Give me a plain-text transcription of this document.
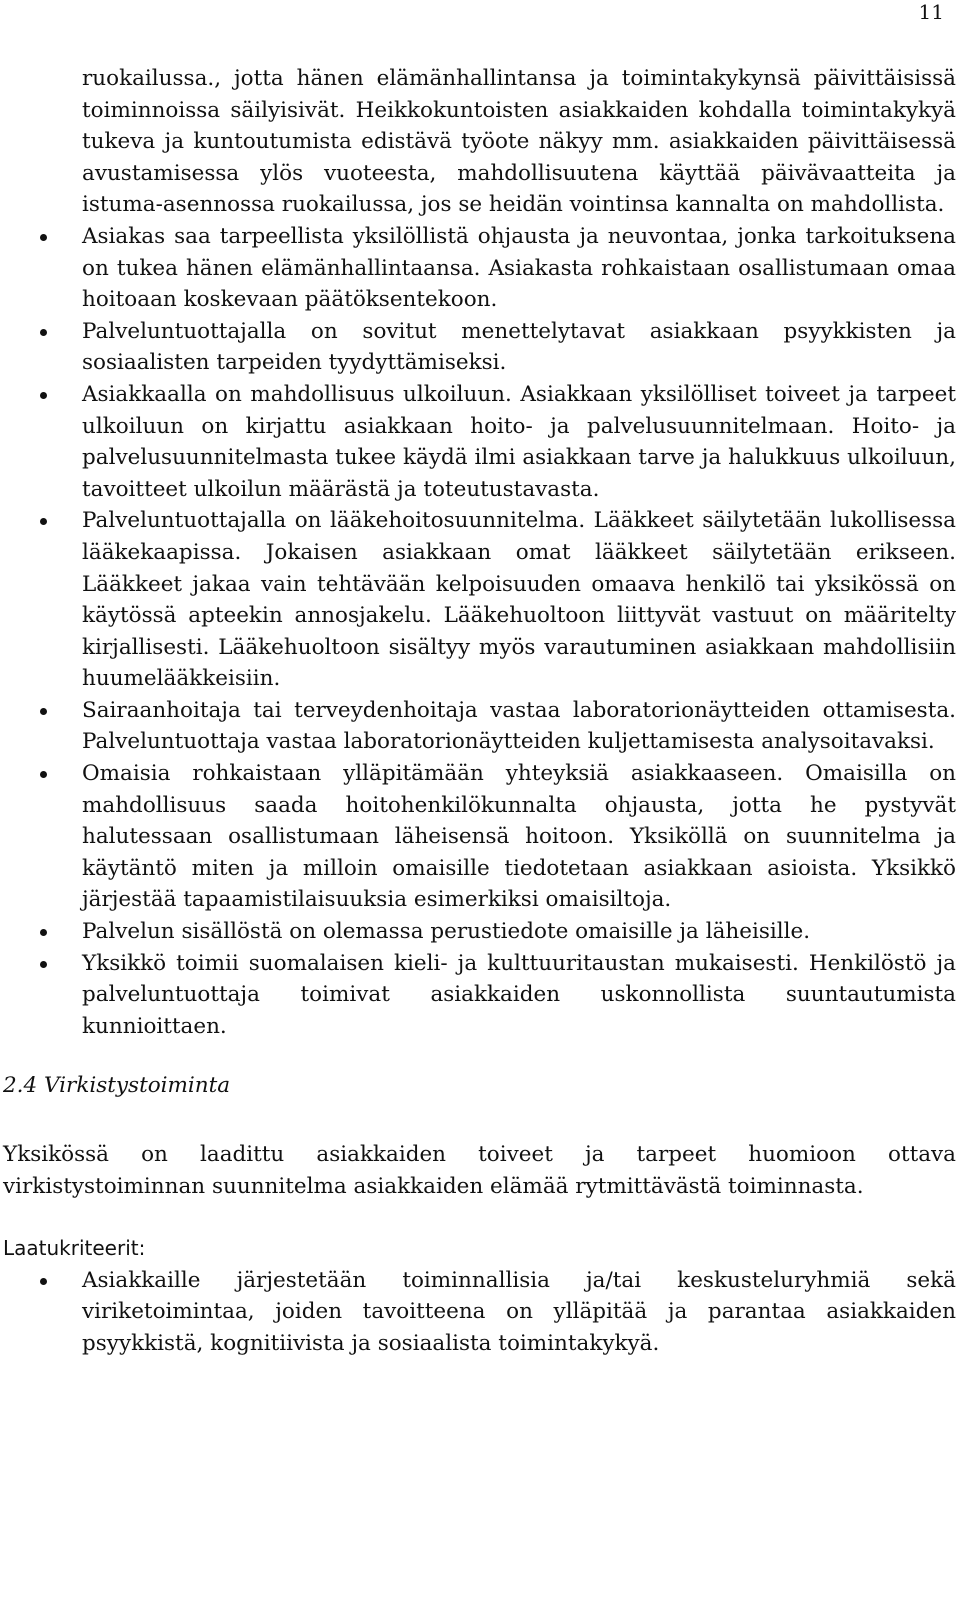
11

ruokailussa., jotta hänen elämänhallintansa ja toimintakykynsä päivittäisissä toiminnoissa säilyisivät. Heikkokuntoisten asiakkaiden kohdalla toimintakykyä tukeva ja kuntoutumista edistävä työote näkyy mm. asiakkaiden päivittäisessä avustamisessa ylös vuoteesta, mahdollisuutena käyttää päivävaatteita ja istuma-asennossa ruokailussa, jos se heidän vointinsa kannalta on mahdollista.

Asiakas saa tarpeellista yksilöllistä ohjausta ja neuvontaa, jonka tarkoituksena on tukea hänen elämänhallintaansa. Asiakasta rohkaistaan osallistumaan omaa hoitoaan koskevaan päätöksentekoon.

Palveluntuottajalla on sovitut menettelytavat asiakkaan psyykkisten ja sosiaalisten tarpeiden tyydyttämiseksi.

Asiakkaalla on mahdollisuus ulkoiluun. Asiakkaan yksilölliset toiveet ja tarpeet ulkoiluun on kirjattu asiakkaan hoito- ja palvelusuunnitelmaan. Hoito- ja palvelusuunnitelmasta tukee käydä ilmi asiakkaan tarve ja halukkuus ulkoiluun, tavoitteet ulkoilun määrästä ja toteutustavasta.

Palveluntuottajalla on lääkehoitosuunnitelma. Lääkkeet säilytetään lukollisessa lääkekaapissa. Jokaisen asiakkaan omat lääkkeet säilytetään erikseen. Lääkkeet jakaa vain tehtävään kelpoisuuden omaava henkilö tai yksikössä on käytössä apteekin annosjakelu. Lääkehuoltoon liittyvät vastuut on määritelty kirjallisesti. Lääkehuoltoon sisältyy myös varautuminen asiakkaan mahdollisiin huumelääkkeisiin.

Sairaanhoitaja tai terveydenhoitaja vastaa laboratorionäytteiden ottamisesta. Palveluntuottaja vastaa laboratorionäytteiden kuljettamisesta analysoitavaksi.

Omaisia rohkaistaan ylläpitämään yhteyksiä asiakkaaseen. Omaisilla on mahdollisuus saada hoitohenkilökunnalta ohjausta, jotta he pystyvät halutessaan osallistumaan läheisensä hoitoon. Yksiköllä on suunnitelma ja käytäntö miten ja milloin omaisille tiedotetaan asiakkaan asioista. Yksikkö järjestää tapaamistilaisuuksia esimerkiksi omaisiltoja.

Palvelun sisällöstä on olemassa perustiedote omaisille ja läheisille.

Yksikkö toimii suomalaisen kieli- ja kulttuuritaustan mukaisesti. Henkilöstö ja palveluntuottaja toimivat asiakkaiden uskonnollista suuntautumista kunnioittaen.

2.4 Virkistystoiminta

Yksikössä on laadittu asiakkaiden toiveet ja tarpeet huomioon ottava virkistystoiminnan suunnitelma asiakkaiden elämää rytmittävästä toiminnasta.

Laatukriteerit:

Asiakkaille järjestetään toiminnallisia ja/tai keskusteluryhmiä sekä viriketoimintaa, joiden tavoitteena on ylläpitää ja parantaa asiakkaiden psyykkistä, kognitiivista ja sosiaalista toimintakykyä.
